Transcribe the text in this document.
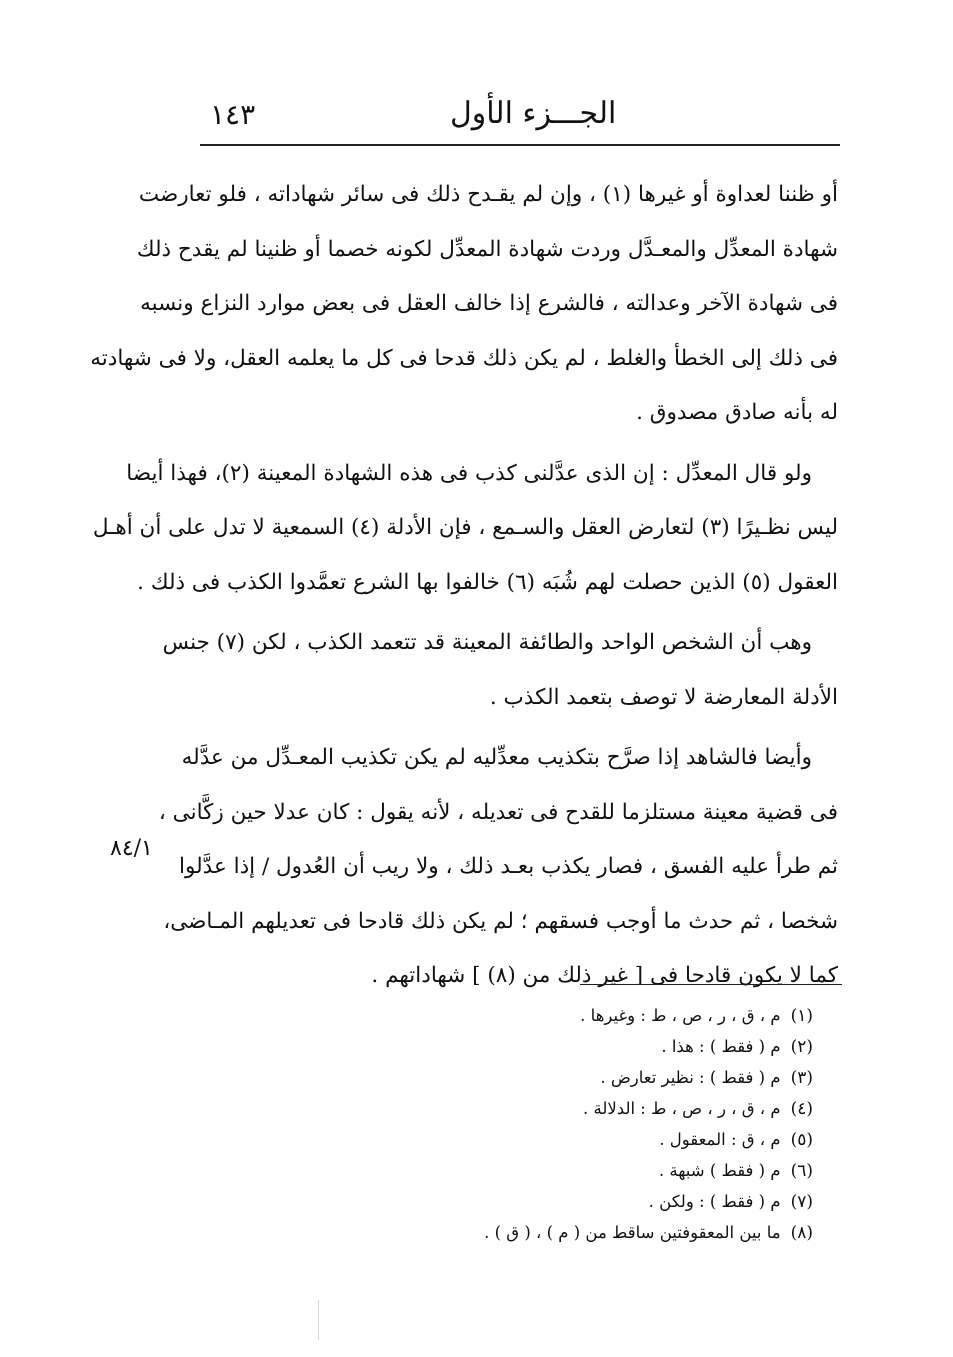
١٤٣	الجـــزء الأول
أو ظننا لعداوة أو غيرها (١) ، وإن لم يقـدح ذلك فى سائر شهاداته ، فلو تعارضت
شهادة المعدِّل والمعـدَّل وردت شهادة المعدِّل لكونه خصما أو ظنينا لم يقدح ذلك
فى شهادة الآخر وعدالته ، فالشرع إذا خالف العقل فى بعض موارد النزاع ونسبه
فى ذلك إلى الخطأ والغلط ، لم يكن ذلك قدحا فى كل ما يعلمه العقل، ولا فى شهادته
له بأنه صادق مصدوق .
ولو قال المعدِّل : إن الذى عدَّلنى كذب فى هذه الشهادة المعينة (٢)، فهذا أيضا
ليس نظـيرًا (٣) لتعارض العقل والسـمع ، فإن الأدلة (٤) السمعية لا تدل على أن أهـل
العقول (٥) الذين حصلت لهم شُبَه (٦) خالفوا بها الشرع تعمَّدوا الكذب فى ذلك .
وهب أن الشخص الواحد والطائفة المعينة قد تتعمد الكذب ، لكن (٧) جنس
الأدلة المعارضة لا توصف بتعمد الكذب .
وأيضا فالشاهد إذا صرَّح بتكذيب معدِّليه لم يكن تكذيب المعـدِّل من عدَّله
فى قضية معينة مستلزما للقدح فى تعديله ، لأنه يقول : كان عدلا حين زكَّانى ،
ثم طرأ عليه الفسق ، فصار يكذب بعـد ذلك ، ولا ريب أن العُدول / إذا عدَّلوا
شخصا ، ثم حدث ما أوجب فسقهم ؛ لم يكن ذلك قادحا فى تعديلهم المـاضى،
كما لا يكون قادحا فى [ غير ذلك من (٨) ] شهاداتهم .
٨٤/١
(١)م ، ق ، ر ، ص ، ط : وغيرها .
(٢)م ( فقط ) : هذا .
(٣)م ( فقط ) : نظير تعارض .
(٤)م ، ق ، ر ، ص ، ط : الدلالة .
(٥)م ، ق : المعقول .
(٦)م ( فقط ) شبهة .
(٧)م ( فقط ) : ولكن .
(٨)ما بين المعقوفتين ساقط من ( م ) ، ( ق ) .
